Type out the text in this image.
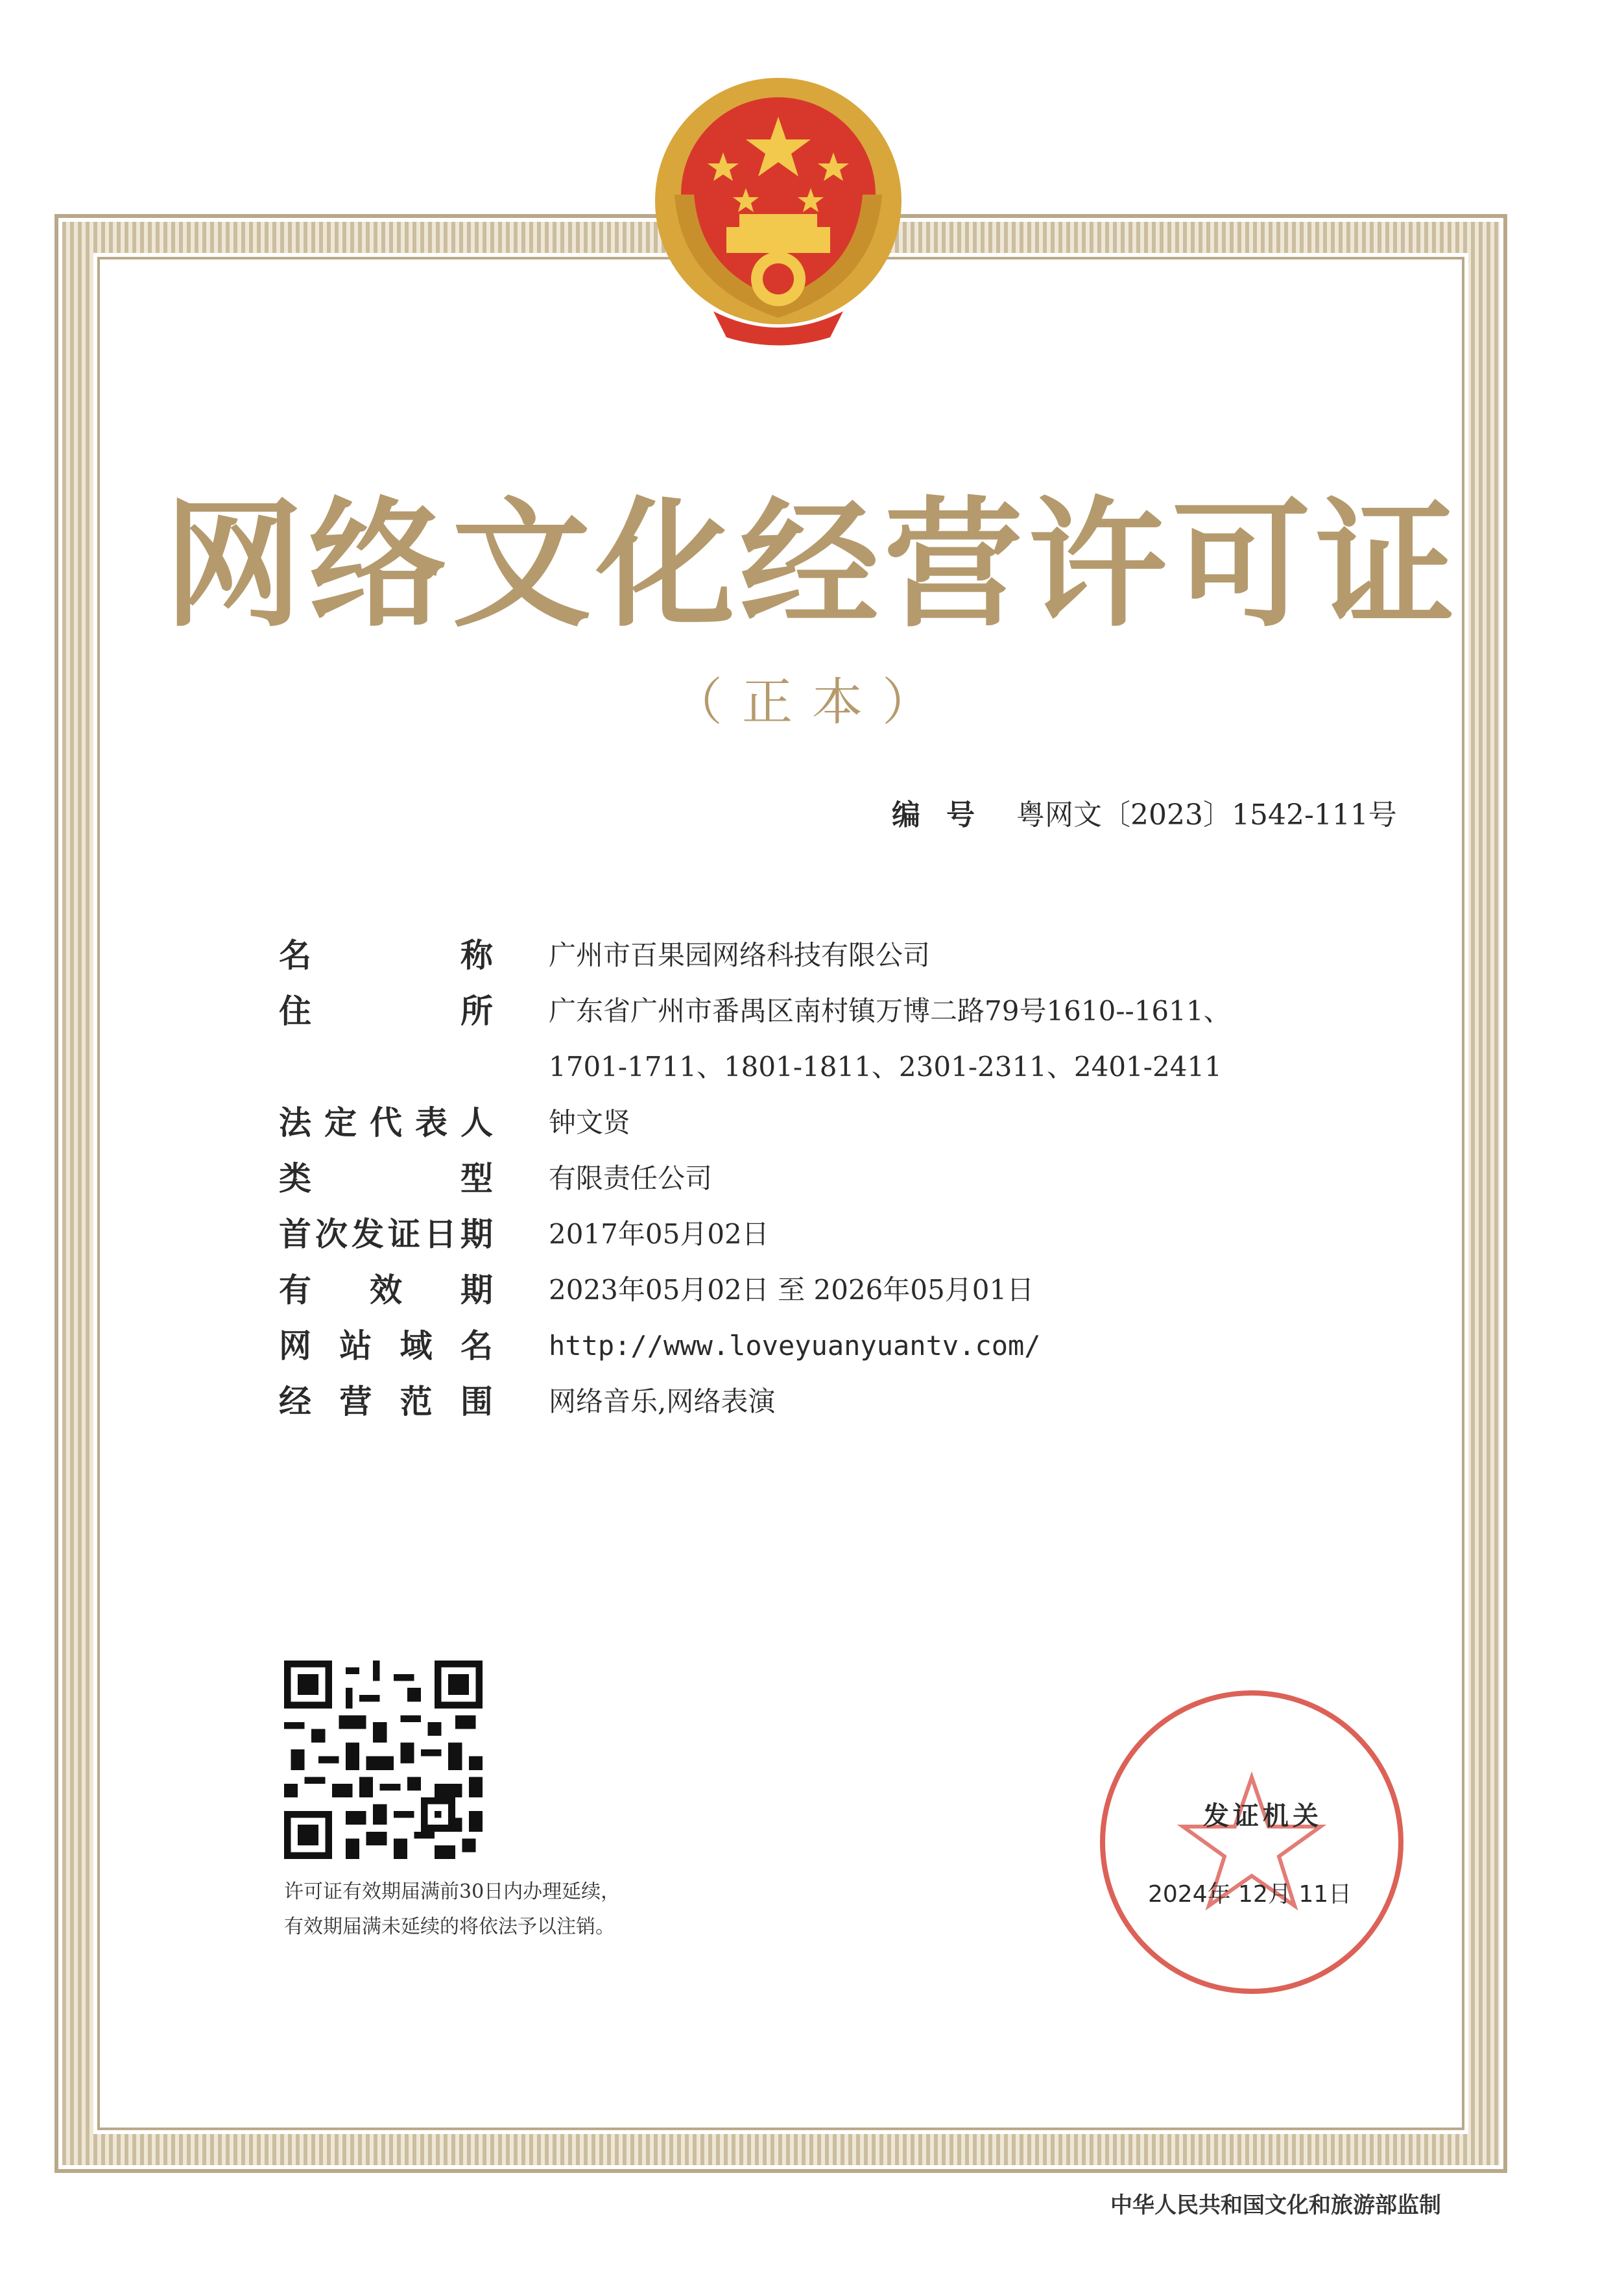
网络文化经营许可证
（正本）
编号 粤网文〔2023〕1542-111号
名称 广州市百果园网络科技有限公司
住所 广东省广州市番禺区南村镇万博二路79号1610--1611、1701-1711、1801-1811、2301-2311、2401-2411
法定代表人 钟文贤
类型 有限责任公司
首次发证日期 2017年05月02日
有效期 2023年05月02日 至 2026年05月01日
网站域名 http://www.loveyuanyuantv.com/
经营范围 网络音乐,网络表演
许可证有效期届满前30日内办理延续，
有效期届满未延续的将依法予以注销。
发证机关
2024年 12月 11日
中华人民共和国文化和旅游部监制
